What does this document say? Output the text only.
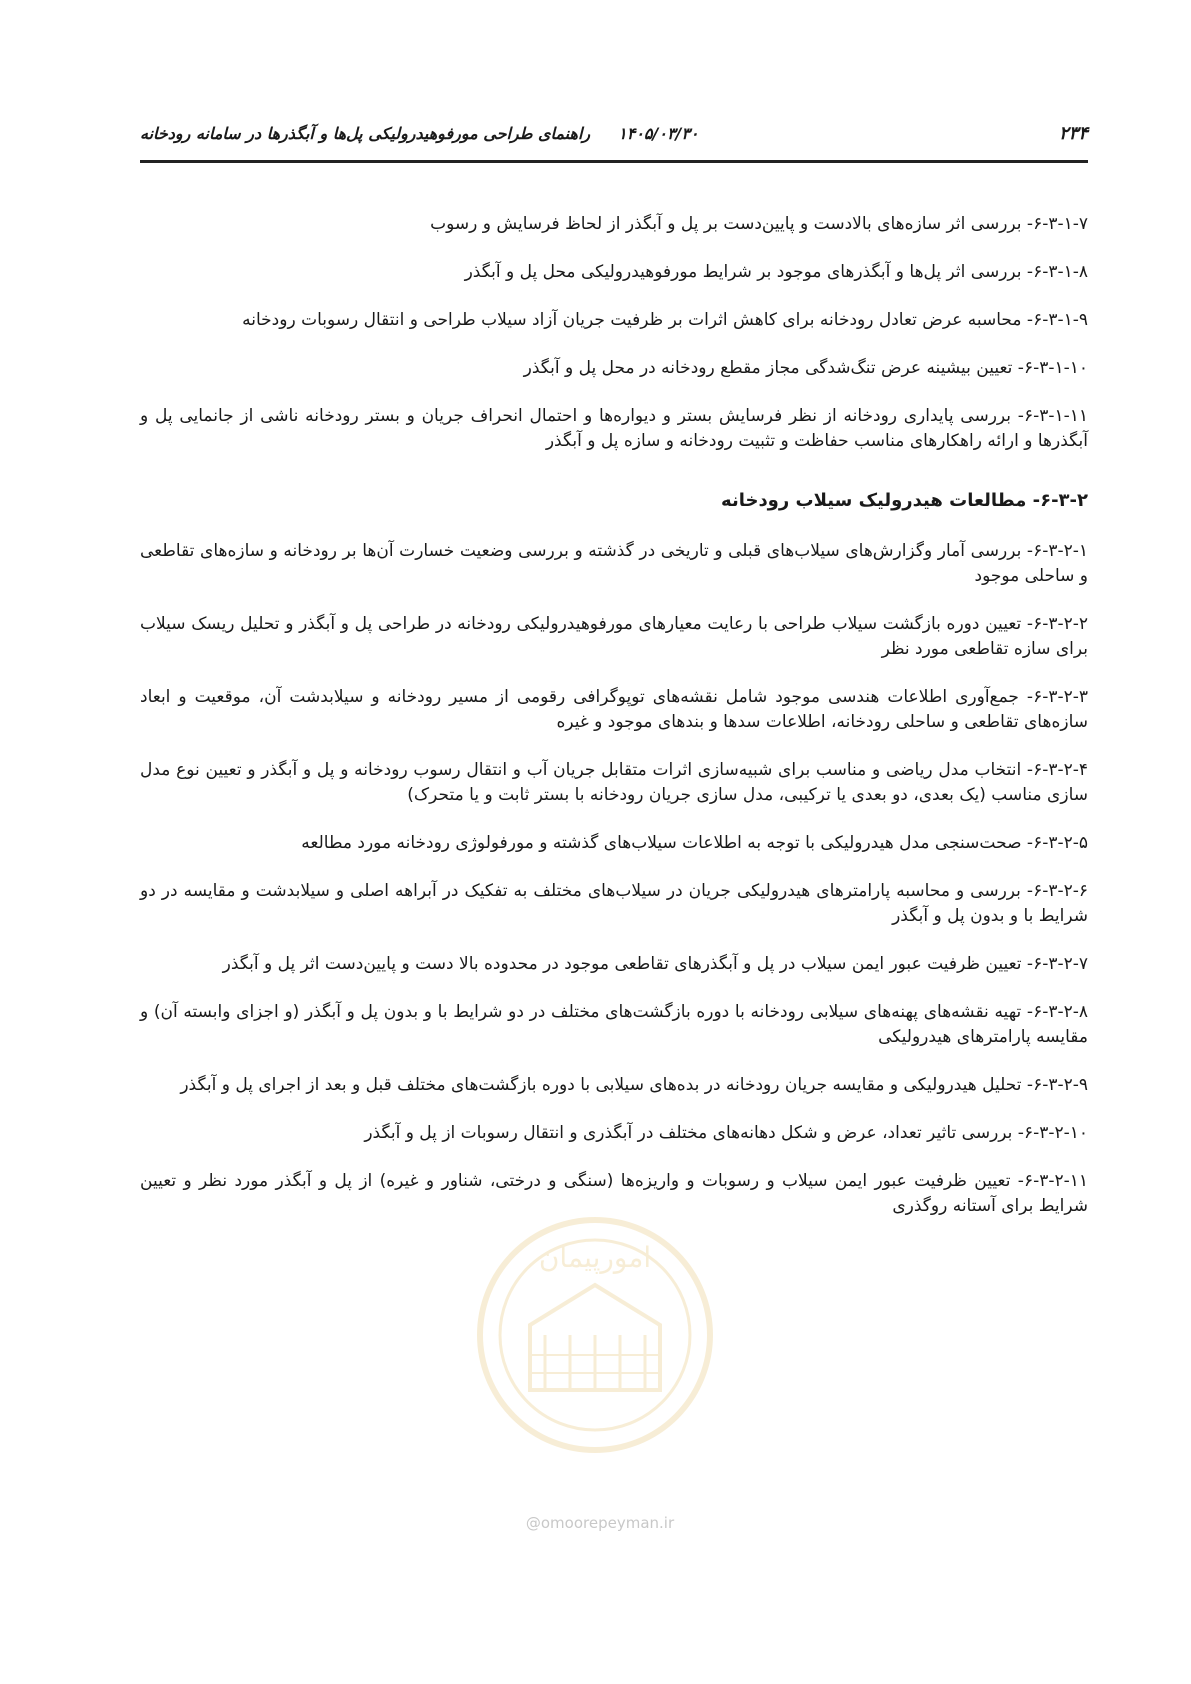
۲۳۴
۱۴۰۵/۰۳/۳۰
راهنمای طراحی مورفوهیدرولیکی پل‌ها و آبگذرها در سامانه رودخانه

۶-۳-۱-۷- بررسی اثر سازه‌های بالادست و پایین‌دست بر پل و آبگذر از لحاظ فرسایش و رسوب

۶-۳-۱-۸- بررسی اثر پل‌ها و آبگذرهای موجود بر شرایط مورفوهیدرولیکی محل پل و آبگذر

۶-۳-۱-۹- محاسبه عرض تعادل رودخانه برای کاهش اثرات بر ظرفیت جریان آزاد سیلاب طراحی و انتقال رسوبات رودخانه

۶-۳-۱-۱۰- تعیین بیشینه عرض تنگ‌شدگی مجاز مقطع رودخانه در محل پل و آبگذر

۶-۳-۱-۱۱- بررسی پایداری رودخانه از نظر فرسایش بستر و دیواره‌ها و احتمال انحراف جریان و بستر رودخانه ناشی از جانمایی پل و آبگذرها و ارائه راهکارهای مناسب حفاظت و تثبیت رودخانه و سازه پل و آبگذر

۶-۳-۲- مطالعات هیدرولیک سیلاب رودخانه

۶-۳-۲-۱- بررسی آمار وگزارش‌های سیلاب‌های قبلی و تاریخی در گذشته و بررسی وضعیت خسارت آن‌ها بر رودخانه و سازه‌های تقاطعی و ساحلی موجود

۶-۳-۲-۲- تعیین دوره بازگشت سیلاب طراحی با رعایت معیارهای مورفوهیدرولیکی رودخانه در طراحی پل و آبگذر و تحلیل ریسک سیلاب برای سازه تقاطعی مورد نظر

۶-۳-۲-۳- جمع‌آوری اطلاعات هندسی موجود شامل نقشه‌های توپوگرافی رقومی از مسیر رودخانه و سیلابدشت آن، موقعیت و ابعاد سازه‌های تقاطعی و ساحلی رودخانه، اطلاعات سدها و بندهای موجود و غیره

۶-۳-۲-۴- انتخاب مدل ریاضی و مناسب برای شبیه‌سازی اثرات متقابل جریان آب و انتقال رسوب رودخانه و پل و آبگذر و تعیین نوع مدل سازی مناسب (یک بعدی، دو بعدی یا ترکیبی، مدل سازی جریان رودخانه با بستر ثابت و یا متحرک)

۶-۳-۲-۵- صحت‌سنجی مدل هیدرولیکی با توجه به اطلاعات سیلاب‌های گذشته و مورفولوژی رودخانه مورد مطالعه

۶-۳-۲-۶- بررسی و محاسبه پارامترهای هیدرولیکی جریان در سیلاب‌های مختلف به تفکیک در آبراهه اصلی و سیلابدشت و مقایسه در دو شرایط با و بدون پل و آبگذر

۶-۳-۲-۷- تعیین ظرفیت عبور ایمن سیلاب در پل و آبگذرهای تقاطعی موجود در محدوده بالا دست و پایین‌دست اثر پل و آبگذر

۶-۳-۲-۸- تهیه نقشه‌های پهنه‌های سیلابی رودخانه با دوره بازگشت‌های مختلف در دو شرایط با و بدون پل و آبگذر (و اجزای وابسته آن) و مقایسه پارامترهای هیدرولیکی

۶-۳-۲-۹- تحلیل هیدرولیکی و مقایسه جریان رودخانه در بده‌های سیلابی با دوره بازگشت‌های مختلف قبل و بعد از اجرای پل و آبگذر

۶-۳-۲-۱۰- بررسی تاثیر تعداد، عرض و شکل دهانه‌های مختلف در آبگذری و انتقال رسوبات از پل و آبگذر

۶-۳-۲-۱۱- تعیین ظرفیت عبور ایمن سیلاب و رسوبات و واریزه‌ها (سنگی و درختی، شناور و غیره) از پل و آبگذر مورد نظر و تعیین شرایط برای آستانه روگذری

امورپیمان
@omoorepeyman.ir
